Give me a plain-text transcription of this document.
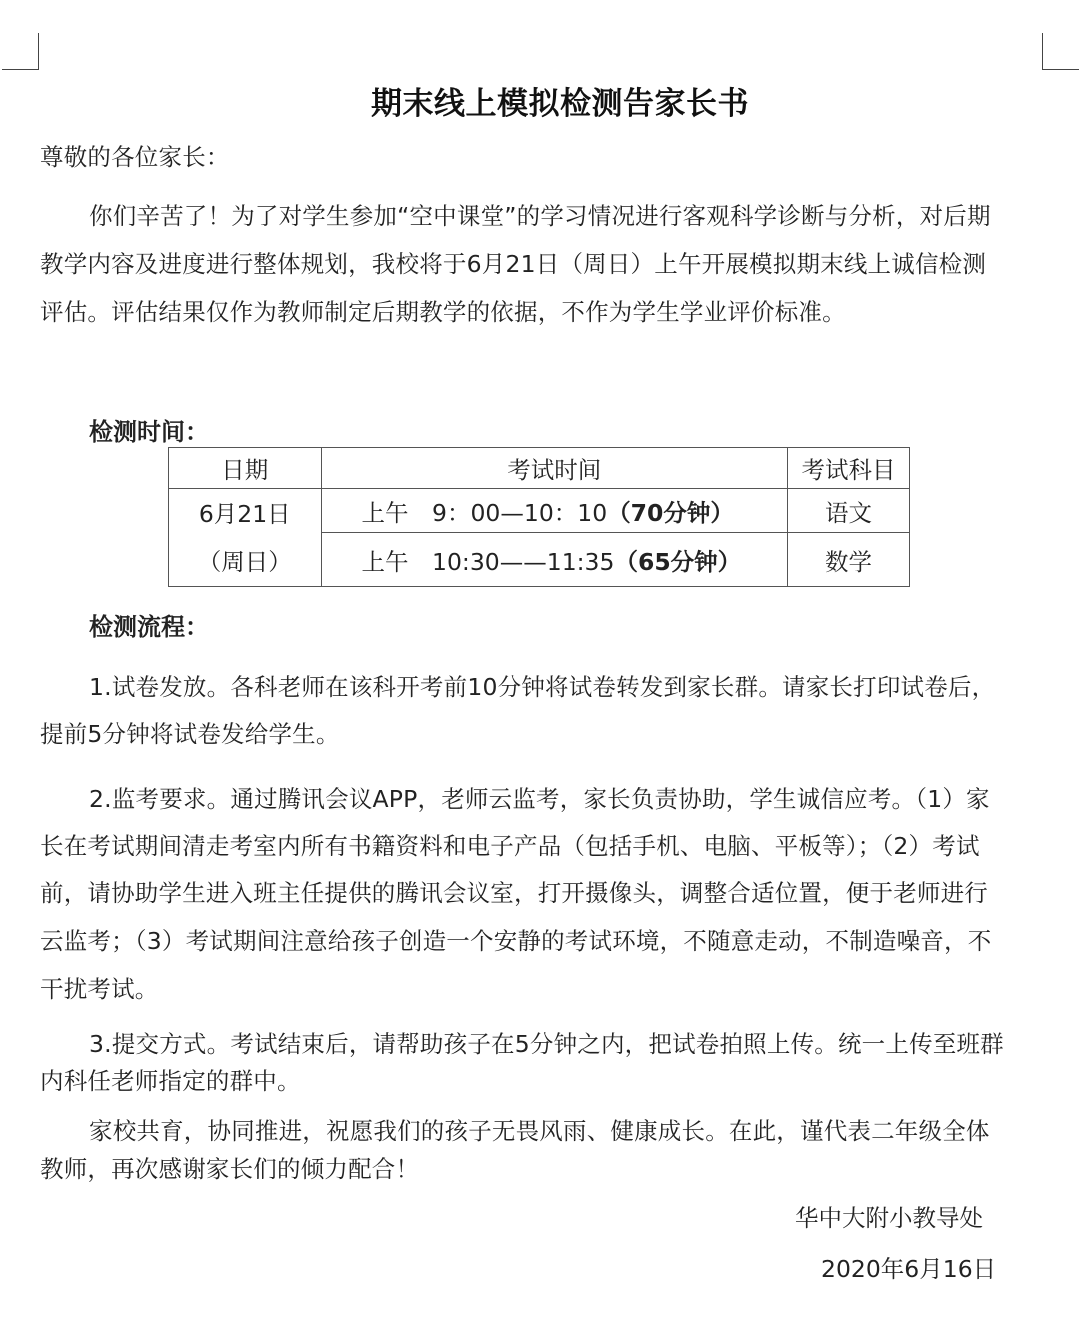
期末线上模拟检测告家长书
尊敬的各位家长：
你们辛苦了！为了对学生参加“空中课堂”的学习情况进行客观科学诊断与分析，对后期
教学内容及进度进行整体规划，我校将于6月21日（周日）上午开展模拟期末线上诚信检测
评估。评估结果仅作为教师制定后期教学的依据，不作为学生学业评价标准。
检测时间：
日期	考试时间	考试科目

6月21日
（周日）	上午　9：00—10：10（70分钟）	语文
	上午　10:30——11:35（65分钟）	数学
检测流程：
1.试卷发放。各科老师在该科开考前10分钟将试卷转发到家长群。请家长打印试卷后，
提前5分钟将试卷发给学生。
2.监考要求。通过腾讯会议APP，老师云监考，家长负责协助，学生诚信应考。（1）家
长在考试期间清走考室内所有书籍资料和电子产品（包括手机、电脑、平板等）；（2）考试
前，请协助学生进入班主任提供的腾讯会议室，打开摄像头，调整合适位置，便于老师进行
云监考；（3）考试期间注意给孩子创造一个安静的考试环境，不随意走动，不制造噪音，不
干扰考试。
3.提交方式。考试结束后，请帮助孩子在5分钟之内，把试卷拍照上传。统一上传至班群
内科任老师指定的群中。
家校共育，协同推进，祝愿我们的孩子无畏风雨、健康成长。在此，谨代表二年级全体
教师，再次感谢家长们的倾力配合！
华中大附小教导处
2020年6月16日
